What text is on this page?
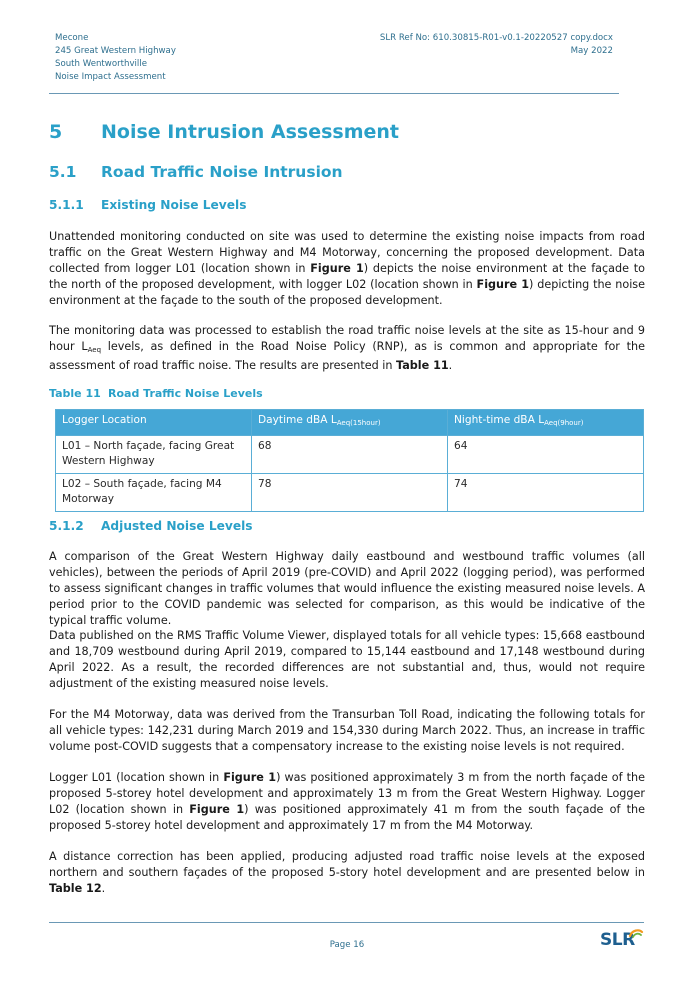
Mecone
245 Great Western Highway
South Wentworthville
Noise Impact Assessment
SLR Ref No: 610.30815-R01-v0.1-20220527 copy.docx
May 2022
5	Noise Intrusion Assessment
5.1	Road Traffic Noise Intrusion
5.1.1	Existing Noise Levels
Unattended monitoring conducted on site was used to determine the existing noise impacts from road traffic on the Great Western Highway and M4 Motorway, concerning the proposed development. Data collected from logger L01 (location shown in Figure 1) depicts the noise environment at the façade to the north of the proposed development, with logger L02 (location shown in Figure 1) depicting the noise environment at the façade to the south of the proposed development.
The monitoring data was processed to establish the road traffic noise levels at the site as 15-hour and 9 hour $L_{Aeq}$ levels, as defined in the Road Noise Policy (RNP), as is common and appropriate for the assessment of road traffic noise. The results are presented in Table 11.
Table 11 Road Traffic Noise Levels
Logger Location	Daytime dBA $L_{Aeq(15hour)}$	Night-time dBA $L_{Aeq(9hour)}$
L01 – North façade, facing Great Western Highway	68	64
L02 – South façade, facing M4 Motorway	78	74
5.1.2	Adjusted Noise Levels
A comparison of the Great Western Highway daily eastbound and westbound traffic volumes (all vehicles), between the periods of April 2019 (pre-COVID) and April 2022 (logging period), was performed to assess significant changes in traffic volumes that would influence the existing measured noise levels. A period prior to the COVID pandemic was selected for comparison, as this would be indicative of the typical traffic volume.
Data published on the RMS Traffic Volume Viewer, displayed totals for all vehicle types: 15,668 eastbound and 18,709 westbound during April 2019, compared to 15,144 eastbound and 17,148 westbound during April 2022. As a result, the recorded differences are not substantial and, thus, would not require adjustment of the existing measured noise levels.
For the M4 Motorway, data was derived from the Transurban Toll Road, indicating the following totals for all vehicle types: 142,231 during March 2019 and 154,330 during March 2022. Thus, an increase in traffic volume post-COVID suggests that a compensatory increase to the existing noise levels is not required.
Logger L01 (location shown in Figure 1) was positioned approximately 3 m from the north façade of the proposed 5-storey hotel development and approximately 13 m from the Great Western Highway. Logger L02 (location shown in Figure 1) was positioned approximately 41 m from the south façade of the proposed 5-storey hotel development and approximately 17 m from the M4 Motorway.
A distance correction has been applied, producing adjusted road traffic noise levels at the exposed northern and southern façades of the proposed 5-story hotel development and are presented below in Table 12.
Page 16	SLR
